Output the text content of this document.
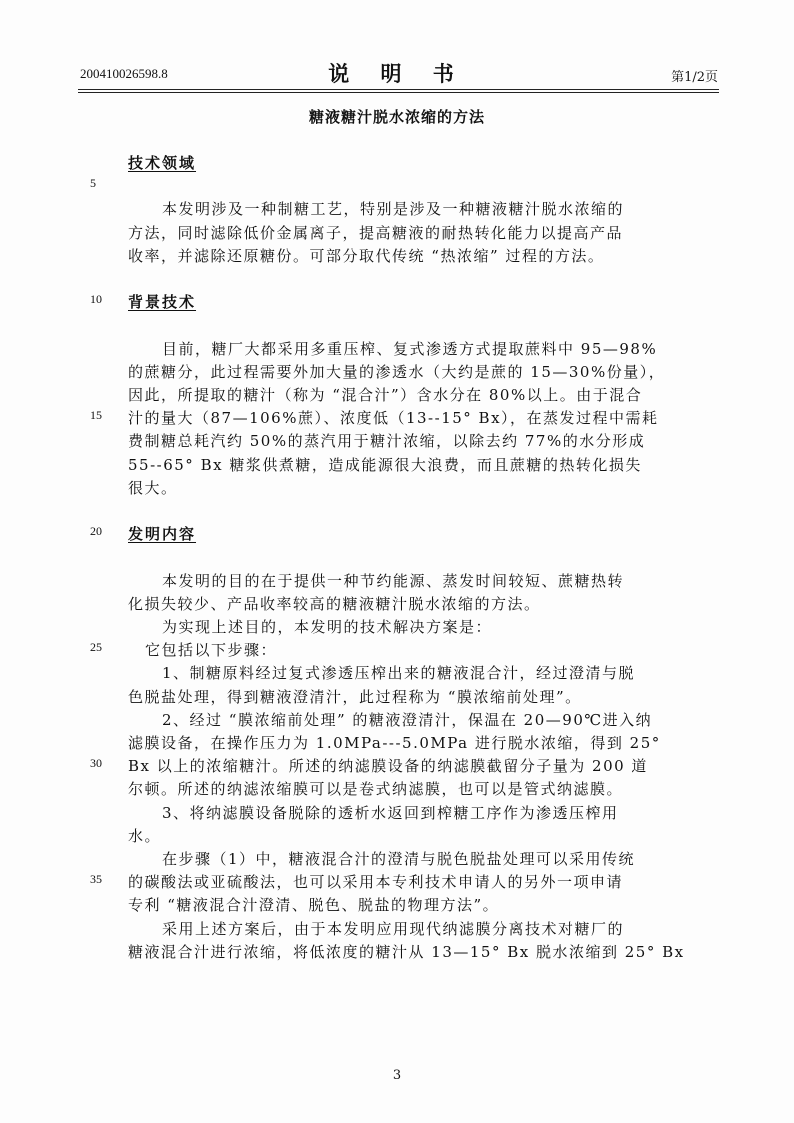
200410026598.8	说 明 书	第1/2页
糖液糖汁脱水浓缩的方法
技术领域
5
本发明涉及一种制糖工艺，特别是涉及一种糖液糖汁脱水浓缩的
方法，同时滤除低价金属离子，提高糖液的耐热转化能力以提高产品
收率，并滤除还原糖份。可部分取代传统 “热浓缩” 过程的方法。
10 背景技术
目前，糖厂大都采用多重压榨、复式渗透方式提取蔗料中 95—98%
的蔗糖分，此过程需要外加大量的渗透水（大约是蔗的 15—30%份量），
因此，所提取的糖汁（称为 “混合汁”）含水分在 80%以上。由于混合
15 汁的量大（87—106%蔗）、浓度低（13--15° Bx），在蒸发过程中需耗
费制糖总耗汽约 50%的蒸汽用于糖汁浓缩，以除去约 77%的水分形成
55--65° Bx 糖浆供煮糖，造成能源很大浪费，而且蔗糖的热转化损失
很大。
20 发明内容
本发明的目的在于提供一种节约能源、蒸发时间较短、蔗糖热转
化损失较少、产品收率较高的糖液糖汁脱水浓缩的方法。
为实现上述目的，本发明的技术解决方案是：
25	它包括以下步骤：
1、制糖原料经过复式渗透压榨出来的糖液混合汁，经过澄清与脱
色脱盐处理，得到糖液澄清汁，此过程称为 “膜浓缩前处理”。
2、经过 “膜浓缩前处理” 的糖液澄清汁，保温在 20—90℃进入纳
滤膜设备，在操作压力为 1.0MPa---5.0MPa 进行脱水浓缩，得到 25°
30 Bx 以上的浓缩糖汁。所述的纳滤膜设备的纳滤膜截留分子量为 200 道
尔顿。所述的纳滤浓缩膜可以是卷式纳滤膜，也可以是管式纳滤膜。
3、将纳滤膜设备脱除的透析水返回到榨糖工序作为渗透压榨用
水。
在步骤（1）中，糖液混合汁的澄清与脱色脱盐处理可以采用传统
35 的碳酸法或亚硫酸法，也可以采用本专利技术申请人的另外一项申请
专利 “糖液混合汁澄清、脱色、脱盐的物理方法”。
采用上述方案后，由于本发明应用现代纳滤膜分离技术对糖厂的
糖液混合汁进行浓缩，将低浓度的糖汁从 13—15° Bx 脱水浓缩到 25° Bx
3
